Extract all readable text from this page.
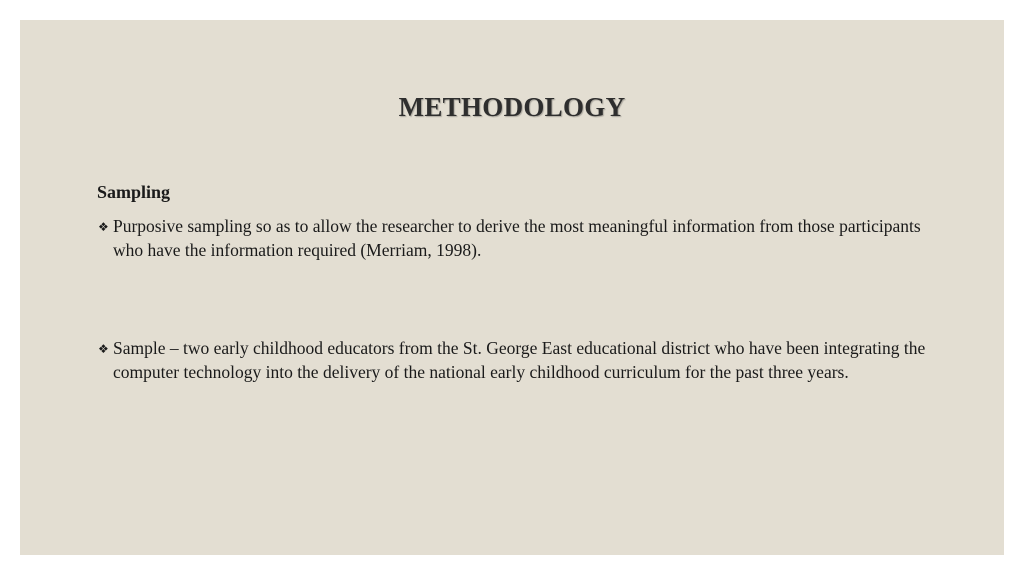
METHODOLOGY
Sampling
❖ Purposive sampling so as to allow the researcher to derive the most meaningful information from those participants who have the information required (Merriam, 1998).
❖ Sample – two early childhood educators from the St. George East educational district who have been integrating the computer technology into the delivery of the national early childhood curriculum for the past three years.
